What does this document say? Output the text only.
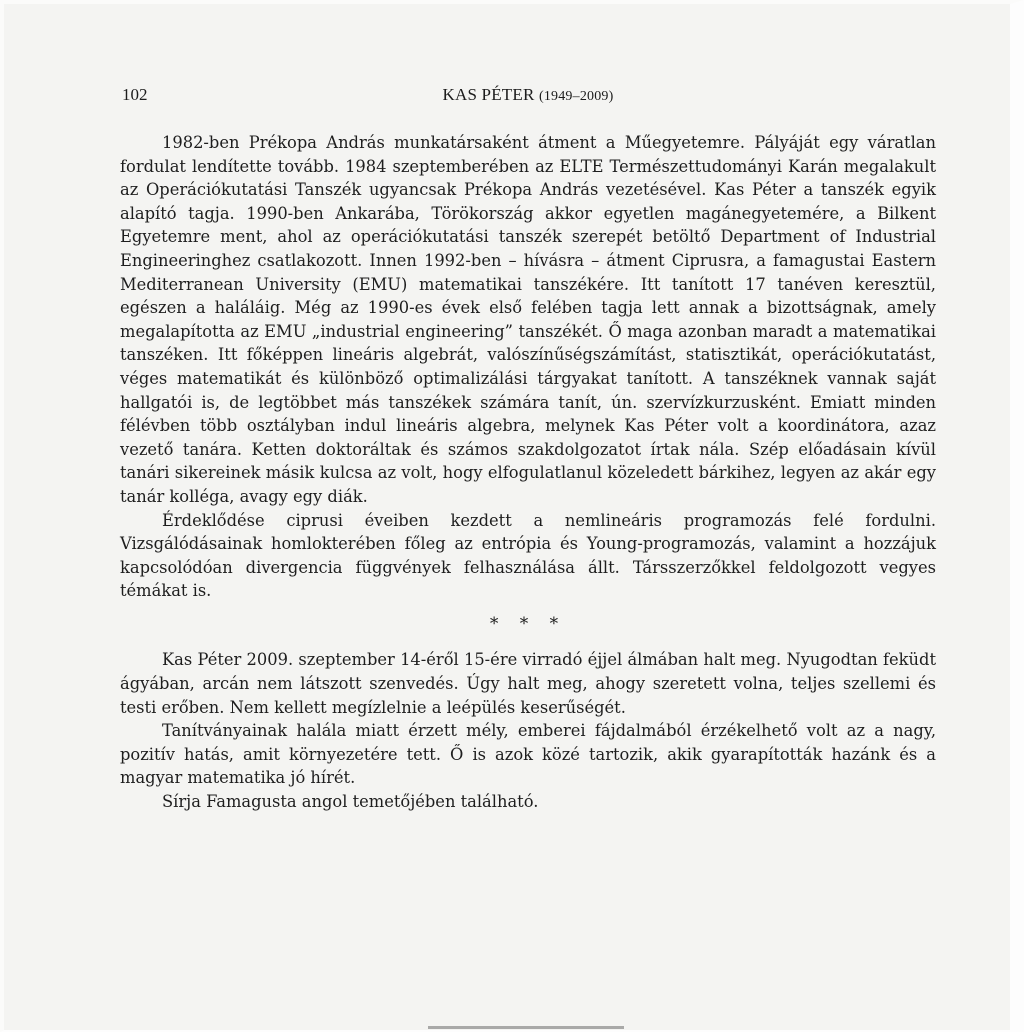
102	KAS PÉTER (1949–2009)

1982-ben Prékopa András munkatársaként átment a Műegyetemre. Pályáját egy váratlan fordulat lendítette tovább. 1984 szeptemberében az ELTE Természettudományi Karán megalakult az Operációkutatási Tanszék ugyancsak Prékopa András vezetésével. Kas Péter a tanszék egyik alapító tagja. 1990-ben Ankarába, Törökország akkor egyetlen magánegyetemére, a Bilkent Egyetemre ment, ahol az operációkutatási tanszék szerepét betöltő Department of Industrial Engineeringhez csatlakozott. Innen 1992-ben – hívásra – átment Ciprusra, a famagustai Eastern Mediterranean University (EMU) matematikai tanszékére. Itt tanított 17 tanéven keresztül, egészen a haláláig. Még az 1990-es évek első felében tagja lett annak a bizottságnak, amely megalapította az EMU „industrial engineering” tanszékét. Ő maga azonban maradt a matematikai tanszéken. Itt főképpen lineáris algebrát, valószínűségszámítást, statisztikát, operációkutatást, véges matematikát és különböző optimalizálási tárgyakat tanított. A tanszéknek vannak saját hallgatói is, de legtöbbet más tanszékek számára tanít, ún. szervízkurzusként. Emiatt minden félévben több osztályban indul lineáris algebra, melynek Kas Péter volt a koordinátora, azaz vezető tanára. Ketten doktoráltak és számos szakdolgozatot írtak nála. Szép előadásain kívül tanári sikereinek másik kulcsa az volt, hogy elfogulatlanul közeledett bárkihez, legyen az akár egy tanár kolléga, avagy egy diák.

Érdeklődése ciprusi éveiben kezdett a nemlineáris programozás felé fordulni. Vizsgálódásainak homlokterében főleg az entrópia és Young-programozás, valamint a hozzájuk kapcsolódóan divergencia függvények felhasználása állt. Társszerzőkkel feldolgozott vegyes témákat is.

* * *

Kas Péter 2009. szeptember 14-éről 15-ére virradó éjjel álmában halt meg. Nyugodtan feküdt ágyában, arcán nem látszott szenvedés. Úgy halt meg, ahogy szeretett volna, teljes szellemi és testi erőben. Nem kellett megízlelnie a leépülés keserűségét.

Tanítványainak halála miatt érzett mély, emberei fájdalmából érzékelhető volt az a nagy, pozitív hatás, amit környezetére tett. Ő is azok közé tartozik, akik gyarapították hazánk és a magyar matematika jó hírét.

Sírja Famagusta angol temetőjében található.
